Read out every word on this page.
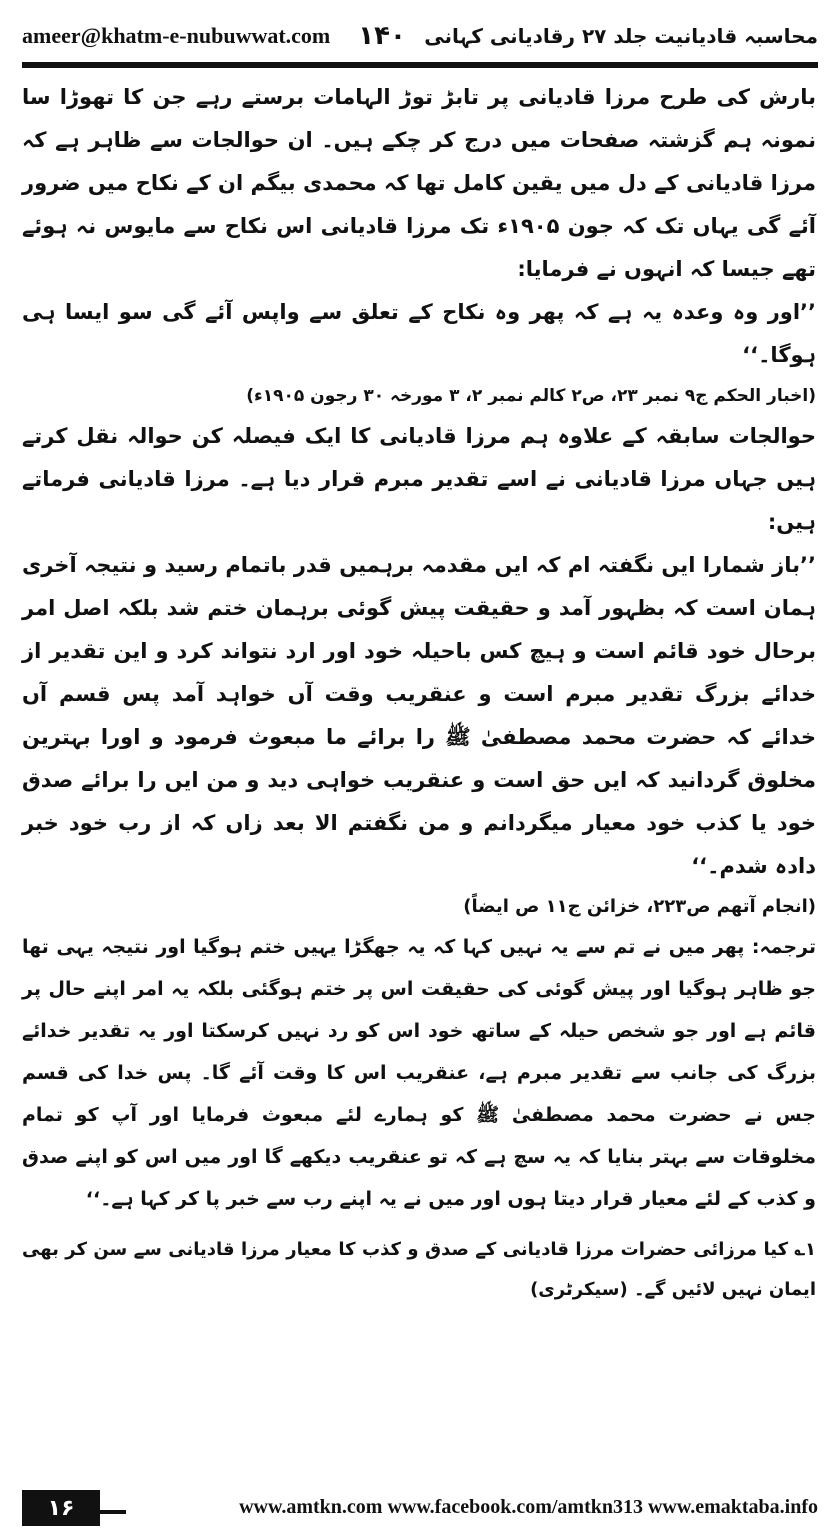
ameer@khatm-e-nubuwwat.com ۱۴۰ محاسبہ قادیانیت جلد ۲۷ رقادیانی کہانی

بارش کی طرح مرزا قادیانی پر تابڑ توڑ الہامات برستے رہے جن کا تھوڑا سا نمونہ ہم گزشتہ صفحات میں درج کر چکے ہیں۔ ان حوالجات سے ظاہر ہے کہ مرزا قادیانی کے دل میں یقین کامل تھا کہ محمدی بیگم ان کے نکاح میں ضرور آئے گی یہاں تک کہ جون ۱۹۰۵ء تک مرزا قادیانی اس نکاح سے مایوس نہ ہوئے تھے جیسا کہ انہوں نے فرمایا:

’’اور وہ وعدہ یہ ہے کہ پھر وہ نکاح کے تعلق سے واپس آئے گی سو ایسا ہی ہوگا۔‘‘

(اخبار الحکم ج۹ نمبر ۲۳، ص۲ کالم نمبر ۲، ۳ مورخہ ۳۰ رجون ۱۹۰۵ء)

حوالجات سابقہ کے علاوہ ہم مرزا قادیانی کا ایک فیصلہ کن حوالہ نقل کرتے ہیں جہاں مرزا قادیانی نے اسے تقدیر مبرم قرار دیا ہے۔ مرزا قادیانی فرماتے ہیں:

’’باز شمارا ایں نگفتہ ام کہ ایں مقدمہ برہمیں قدر باتمام رسید و نتیجہ آخری ہمان است کہ بظہور آمد و حقیقت پیش گوئی برہمان ختم شد بلکہ اصل امر برحال خود قائم است و ہیچ کس باحیلہ خود اور ارد نتواند کرد و این تقدیر از خدائے بزرگ تقدیر مبرم است و عنقریب وقت آں خواہد آمد پس قسم آں خدائے کہ حضرت محمد مصطفیٰ ﷺ را برائے ما مبعوث فرمود و اورا بہترین مخلوق گردانید کہ ایں حق است و عنقریب خواہی دید و من ایں را برائے صدق خود یا کذب خود معیار میگردانم و من نگفتم الا بعد زاں کہ از رب خود خبر دادہ شدم۔‘‘

(انجام آتھم ص۲۲۳، خزائن ج۱۱ ص ایضاً)

ترجمہ: پھر میں نے تم سے یہ نہیں کہا کہ یہ جھگڑا یہیں ختم ہوگیا اور نتیجہ یہی تھا جو ظاہر ہوگیا اور پیش گوئی کی حقیقت اس پر ختم ہوگئی بلکہ یہ امر اپنے حال پر قائم ہے اور جو شخص حیلہ کے ساتھ خود اس کو رد نہیں کرسکتا اور یہ تقدیر خدائے بزرگ کی جانب سے تقدیر مبرم ہے، عنقریب اس کا وقت آئے گا۔ پس خدا کی قسم جس نے حضرت محمد مصطفیٰ ﷺ کو ہمارے لئے مبعوث فرمایا اور آپ کو تمام مخلوقات سے بہتر بنایا کہ یہ سچ ہے کہ تو عنقریب دیکھے گا اور میں اس کو اپنے صدق و کذب کے لئے معیار قرار دیتا ہوں اور میں نے یہ اپنے رب سے خبر پا کر کہا ہے۔‘‘

۱؎ کیا مرزائی حضرات مرزا قادیانی کے صدق و کذب کا معیار مرزا قادیانی سے سن کر بھی ایمان نہیں لائیں گے۔ (سیکرٹری)

۱۶	www.amtkn.com www.facebook.com/amtkn313 www.emaktaba.info
